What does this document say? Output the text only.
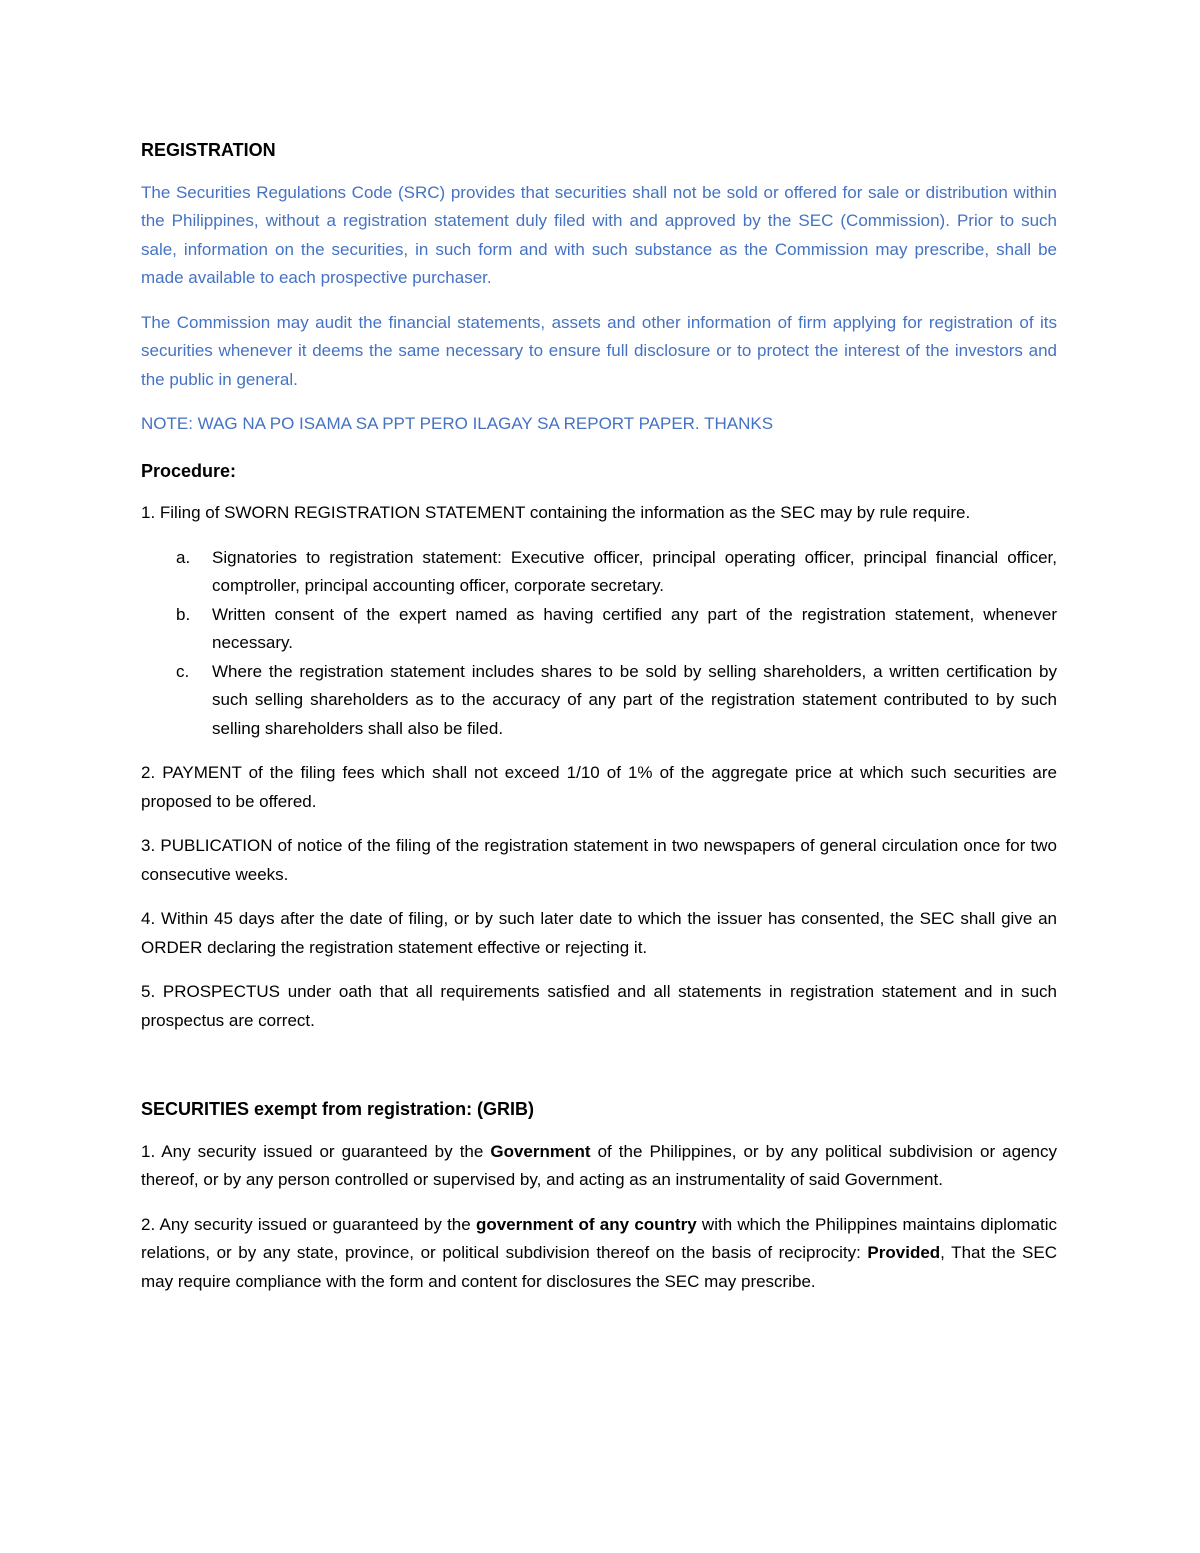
REGISTRATION

The Securities Regulations Code (SRC) provides that securities shall not be sold or offered for sale or distribution within the Philippines, without a registration statement duly filed with and approved by the SEC (Commission). Prior to such sale, information on the securities, in such form and with such substance as the Commission may prescribe, shall be made available to each prospective purchaser.

The Commission may audit the financial statements, assets and other information of firm applying for registration of its securities whenever it deems the same necessary to ensure full disclosure or to protect the interest of the investors and the public in general.

NOTE: WAG NA PO ISAMA SA PPT PERO ILAGAY SA REPORT PAPER. THANKS

Procedure:

1. Filing of SWORN REGISTRATION STATEMENT containing the information as the SEC may by rule require.

a.	Signatories to registration statement: Executive officer, principal operating officer, principal financial officer, comptroller, principal accounting officer, corporate secretary.
b.	Written consent of the expert named as having certified any part of the registration statement, whenever necessary.
c.	Where the registration statement includes shares to be sold by selling shareholders, a written certification by such selling shareholders as to the accuracy of any part of the registration statement contributed to by such selling shareholders shall also be filed.

2. PAYMENT of the filing fees which shall not exceed 1/10 of 1% of the aggregate price at which such securities are proposed to be offered.

3. PUBLICATION of notice of the filing of the registration statement in two newspapers of general circulation once for two consecutive weeks.

4. Within 45 days after the date of filing, or by such later date to which the issuer has consented, the SEC shall give an ORDER declaring the registration statement effective or rejecting it.

5. PROSPECTUS under oath that all requirements satisfied and all statements in registration statement and in such prospectus are correct.

SECURITIES exempt from registration: (GRIB)

1. Any security issued or guaranteed by the Government of the Philippines, or by any political subdivision or agency thereof, or by any person controlled or supervised by, and acting as an instrumentality of said Government.

2. Any security issued or guaranteed by the government of any country with which the Philippines maintains diplomatic relations, or by any state, province, or political subdivision thereof on the basis of reciprocity: Provided, That the SEC may require compliance with the form and content for disclosures the SEC may prescribe.
